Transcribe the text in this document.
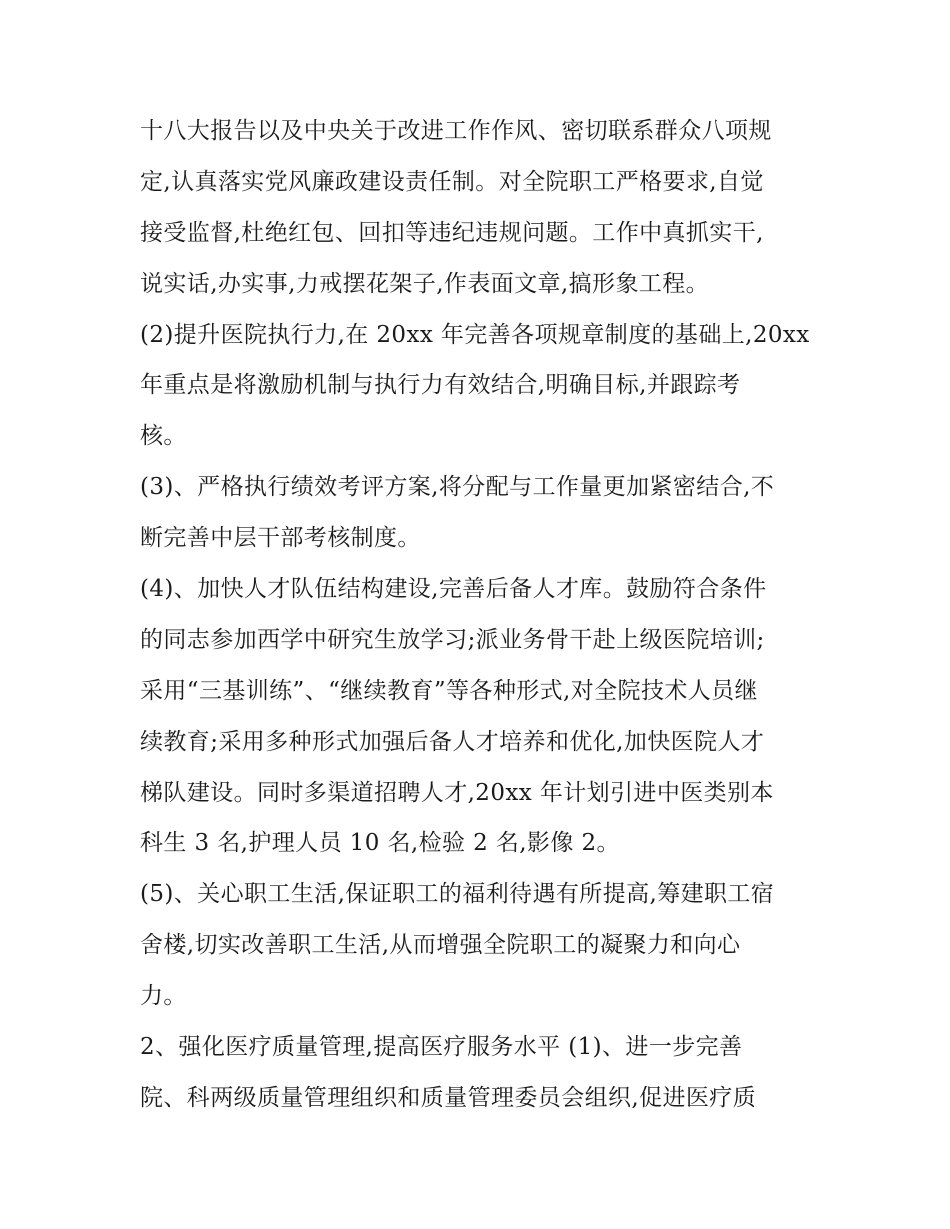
十八大报告以及中央关于改进工作作风、密切联系群众八项规
定,认真落实党风廉政建设责任制。对全院职工严格要求,自觉
接受监督,杜绝红包、回扣等违纪违规问题。工作中真抓实干,
说实话,办实事,力戒摆花架子,作表面文章,搞形象工程。
(2)提升医院执行力,在 20xx 年完善各项规章制度的基础上,20xx
年重点是将激励机制与执行力有效结合,明确目标,并跟踪考
核。
(3)、严格执行绩效考评方案,将分配与工作量更加紧密结合,不
断完善中层干部考核制度。
(4)、加快人才队伍结构建设,完善后备人才库。鼓励符合条件
的同志参加西学中研究生放学习;派业务骨干赴上级医院培训;
采用“三基训练”、“继续教育”等各种形式,对全院技术人员继
续教育;采用多种形式加强后备人才培养和优化,加快医院人才
梯队建设。同时多渠道招聘人才,20xx 年计划引进中医类别本
科生 3 名,护理人员 10 名,检验 2 名,影像 2。
(5)、关心职工生活,保证职工的福利待遇有所提高,筹建职工宿
舍楼,切实改善职工生活,从而增强全院职工的凝聚力和向心
力。
2、强化医疗质量管理,提高医疗服务水平 (1)、进一步完善
院、科两级质量管理组织和质量管理委员会组织,促进医疗质
